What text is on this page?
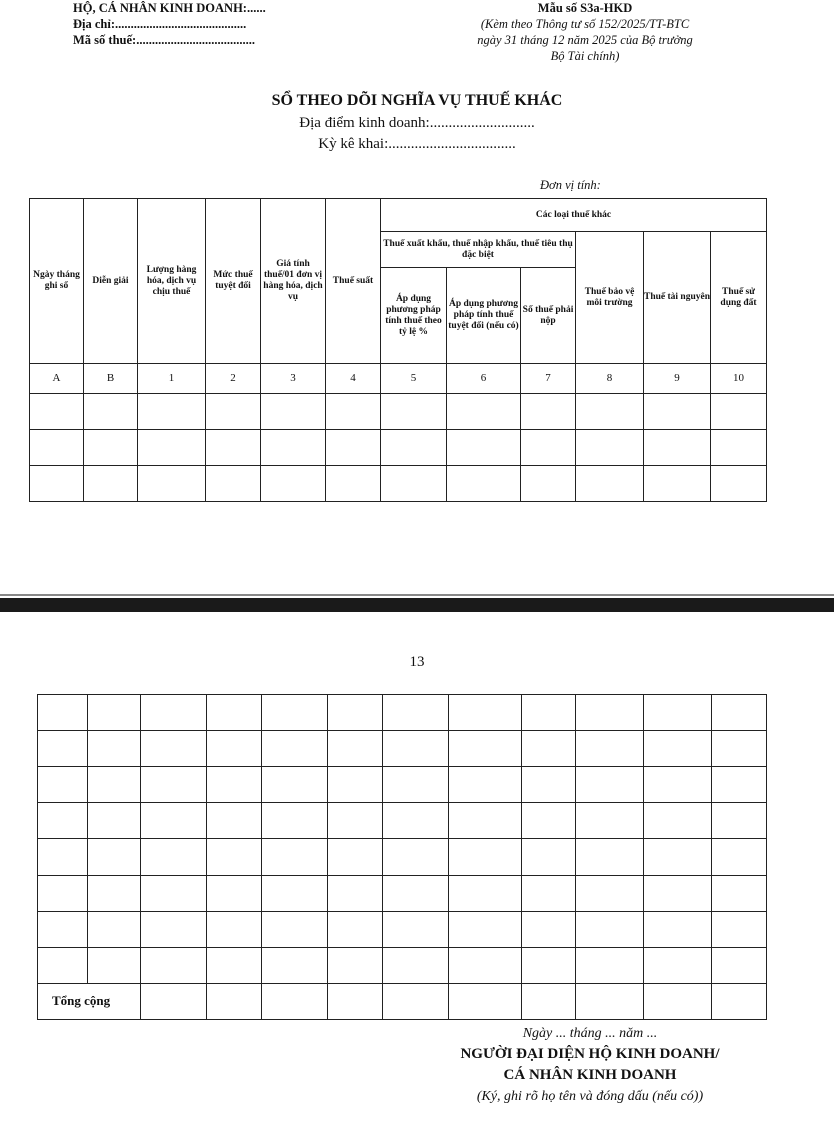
HỘ, CÁ NHÂN KINH DOANH:......
Địa chỉ:..........................................
Mã số thuế:......................................
Mẫu số S3a-HKD
(Kèm theo Thông tư số 152/2025/TT-BTC
ngày 31 tháng 12 năm 2025 của Bộ trưởng
Bộ Tài chính)
SỔ THEO DÕI NGHĨA VỤ THUẾ KHÁC
Địa điểm kinh doanh:............................
Kỳ kê khai:..................................
Đơn vị tính:
Ngày tháng ghi sổ	Diễn giải	Lượng hàng hóa, dịch vụ chịu thuế	Mức thuế tuyệt đối	Giá tính thuế/01 đơn vị hàng hóa, dịch vụ	Thuế suất	Các loại thuế khác					
						Thuế xuất khẩu, thuế nhập khẩu, thuế tiêu thụ đặc biệt			Thuế bảo vệ môi trường	Thuế tài nguyên	Thuế sử dụng đất
						Áp dụng phương pháp tính thuế theo tỷ lệ %	Áp dụng phương pháp tính thuế tuyệt đối (nếu có)	Số thuế phải nộp			
A	B	1	2	3	4	5	6	7	8	9	10

13

Tổng cộng											
Ngày ... tháng ... năm ...
NGƯỜI ĐẠI DIỆN HỘ KINH DOANH/
CÁ NHÂN KINH DOANH
(Ký, ghi rõ họ tên và đóng dấu (nếu có))
